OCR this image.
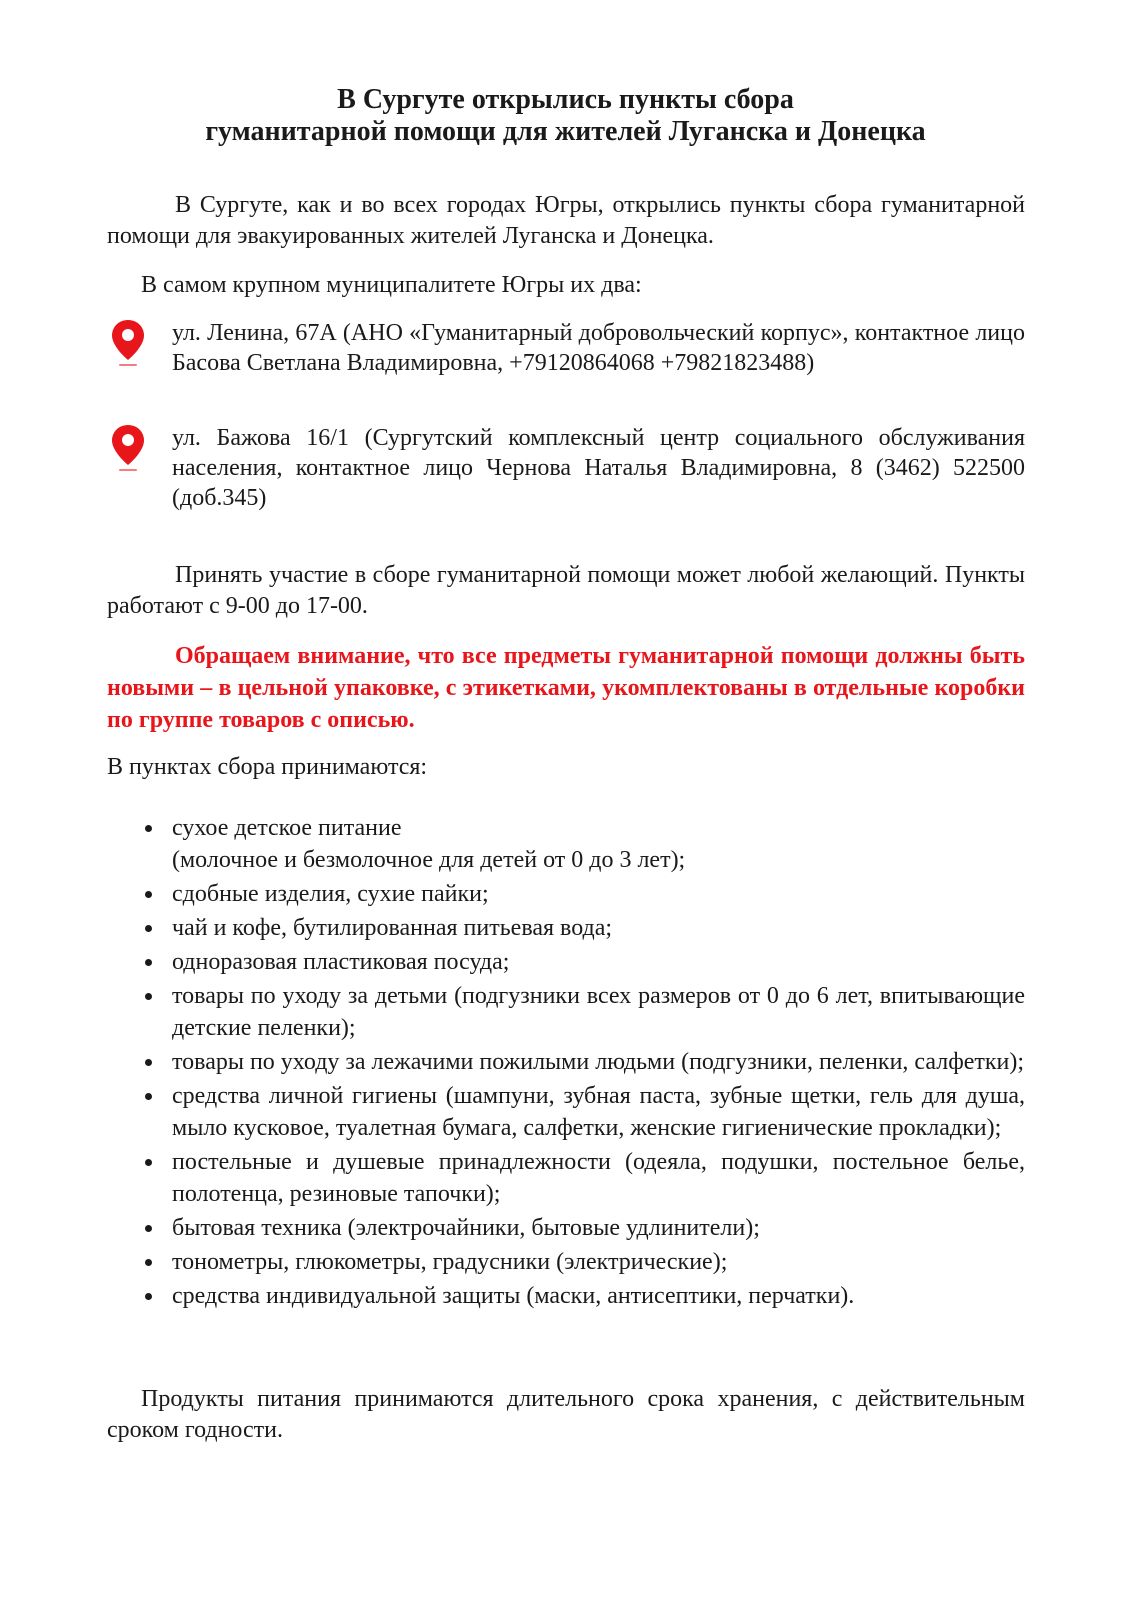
В Сургуте открылись пункты сбора
гуманитарной помощи для жителей Луганска и Донецка
В Сургуте, как и во всех городах Югры, открылись пункты сбора гуманитарной помощи для эвакуированных жителей Луганска и Донецка.
В самом крупном муниципалитете Югры их два:
ул. Ленина, 67А (АНО «Гуманитарный добровольческий корпус», контактное лицо Басова Светлана Владимировна, +79120864068 +79821823488)
ул. Бажова 16/1 (Сургутский комплексный центр социального обслуживания населения, контактное лицо Чернова Наталья Владимировна, 8 (3462) 522500 (доб.345)
Принять участие в сборе гуманитарной помощи может любой желающий. Пункты работают с 9-00 до 17-00.
Обращаем внимание, что все предметы гуманитарной помощи должны быть новыми – в цельной упаковке, с этикетками, укомплектованы в отдельные коробки по группе товаров с описью.
В пунктах сбора принимаются:
сухое детское питание
(молочное и безмолочное для детей от 0 до 3 лет);
сдобные изделия, сухие пайки;
чай и кофе, бутилированная питьевая вода;
одноразовая пластиковая посуда;
товары по уходу за детьми (подгузники всех размеров от 0 до 6 лет, впитывающие детские пеленки);
товары по уходу за лежачими пожилыми людьми (подгузники, пеленки, салфетки);
средства личной гигиены (шампуни, зубная паста, зубные щетки, гель для душа, мыло кусковое, туалетная бумага, салфетки, женские гигиенические прокладки);
постельные и душевые принадлежности (одеяла, подушки, постельное белье, полотенца, резиновые тапочки);
бытовая техника (электрочайники, бытовые удлинители);
тонометры, глюкометры, градусники (электрические);
средства индивидуальной защиты (маски, антисептики, перчатки).
Продукты питания принимаются длительного срока хранения, с действительным сроком годности.
